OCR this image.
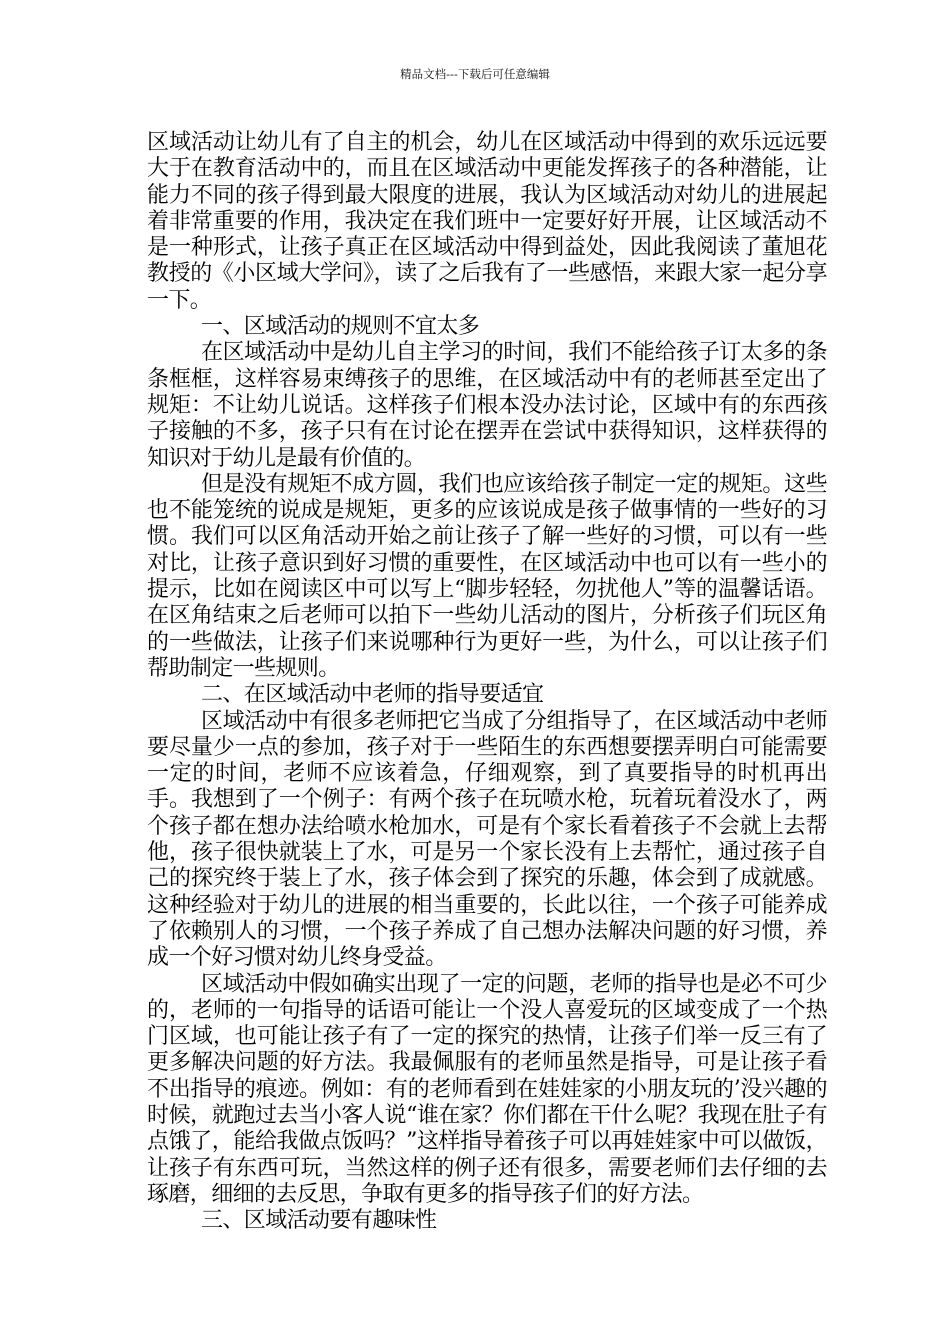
精品文档---下载后可任意编辑

区域活动让幼儿有了自主的机会，幼儿在区域活动中得到的欢乐远远要大于在教育活动中的，而且在区域活动中更能发挥孩子的各种潜能，让能力不同的孩子得到最大限度的进展，我认为区域活动对幼儿的进展起着非常重要的作用，我决定在我们班中一定要好好开展，让区域活动不是一种形式，让孩子真正在区域活动中得到益处，因此我阅读了董旭花教授的《小区域大学问》，读了之后我有了一些感悟，来跟大家一起分享一下。

一、区域活动的规则不宜太多

在区域活动中是幼儿自主学习的时间，我们不能给孩子订太多的条条框框，这样容易束缚孩子的思维，在区域活动中有的老师甚至定出了规矩：不让幼儿说话。这样孩子们根本没办法讨论，区域中有的东西孩子接触的不多，孩子只有在讨论在摆弄在尝试中获得知识，这样获得的知识对于幼儿是最有价值的。

但是没有规矩不成方圆，我们也应该给孩子制定一定的规矩。这些也不能笼统的说成是规矩，更多的应该说成是孩子做事情的一些好的习惯。我们可以区角活动开始之前让孩子了解一些好的习惯，可以有一些对比，让孩子意识到好习惯的重要性，在区域活动中也可以有一些小的提示，比如在阅读区中可以写上“脚步轻轻，勿扰他人”等的温馨话语。在区角结束之后老师可以拍下一些幼儿活动的图片，分析孩子们玩区角的一些做法，让孩子们来说哪种行为更好一些，为什么，可以让孩子们帮助制定一些规则。

二、在区域活动中老师的指导要适宜

区域活动中有很多老师把它当成了分组指导了，在区域活动中老师要尽量少一点的参加，孩子对于一些陌生的东西想要摆弄明白可能需要一定的时间，老师不应该着急，仔细观察，到了真要指导的时机再出手。我想到了一个例子：有两个孩子在玩喷水枪，玩着玩着没水了，两个孩子都在想办法给喷水枪加水，可是有个家长看着孩子不会就上去帮他，孩子很快就装上了水，可是另一个家长没有上去帮忙，通过孩子自己的探究终于装上了水，孩子体会到了探究的乐趣，体会到了成就感。这种经验对于幼儿的进展的相当重要的，长此以往，一个孩子可能养成了依赖别人的习惯，一个孩子养成了自己想办法解决问题的好习惯，养成一个好习惯对幼儿终身受益。

区域活动中假如确实出现了一定的问题，老师的指导也是必不可少的，老师的一句指导的话语可能让一个没人喜爱玩的区域变成了一个热门区域，也可能让孩子有了一定的探究的热情，让孩子们举一反三有了更多解决问题的好方法。我最佩服有的老师虽然是指导，可是让孩子看不出指导的痕迹。例如：有的老师看到在娃娃家的小朋友玩的’没兴趣的时候，就跑过去当小客人说“谁在家？你们都在干什么呢？我现在肚子有点饿了，能给我做点饭吗？”这样指导着孩子可以再娃娃家中可以做饭，让孩子有东西可玩，当然这样的例子还有很多，需要老师们去仔细的去琢磨，细细的去反思，争取有更多的指导孩子们的好方法。

三、区域活动要有趣味性
